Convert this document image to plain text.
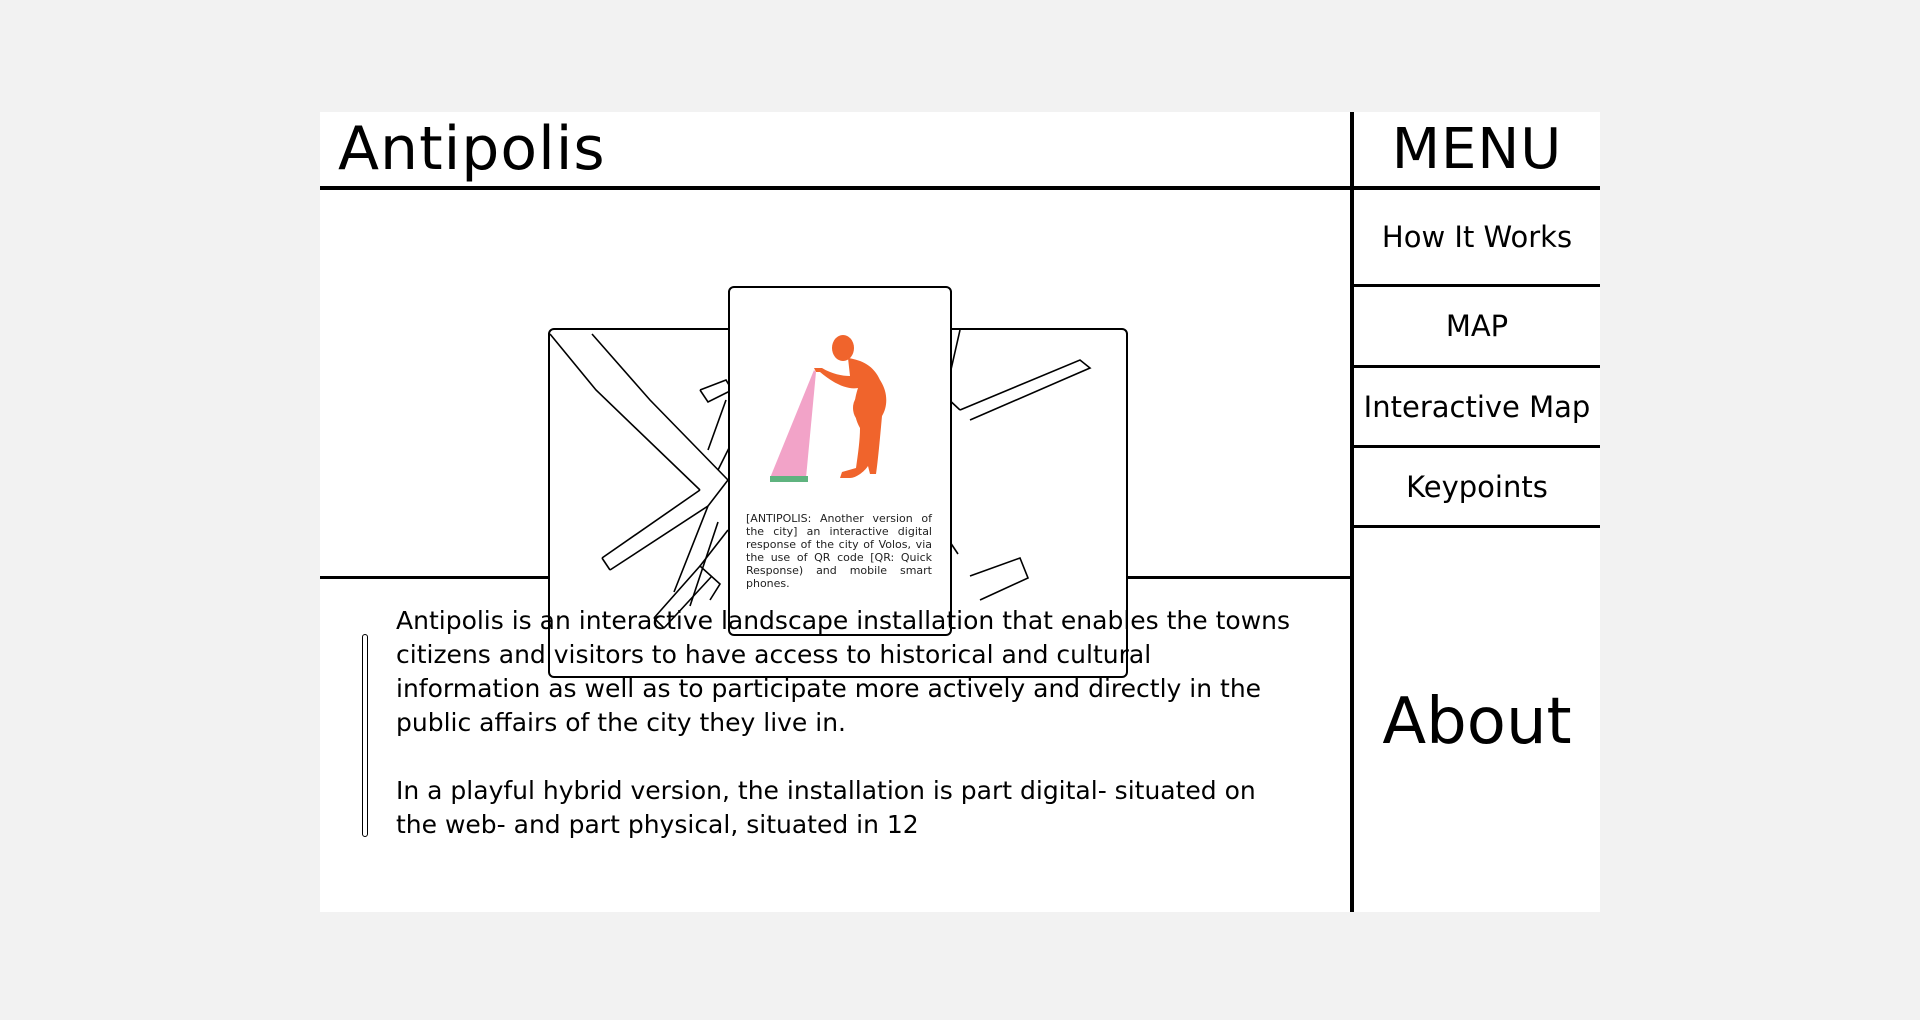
Antipolis	MENU
How It Works
MAP
Interactive Map
Keypoints
About
[ANTIPOLIS: Another version of the city] an interactive digital response of the city of Volos, via the use of QR code [QR: Quick Response) and mobile smart phones.

Antipolis is an interactive landscape installation that enables the towns citizens and visitors to have access to historical and cultural information as well as to participate more actively and directly in the public affairs of the city they live in.

In a playful hybrid version, the installation is part digital- situated on the web- and part physical, situated in 12
